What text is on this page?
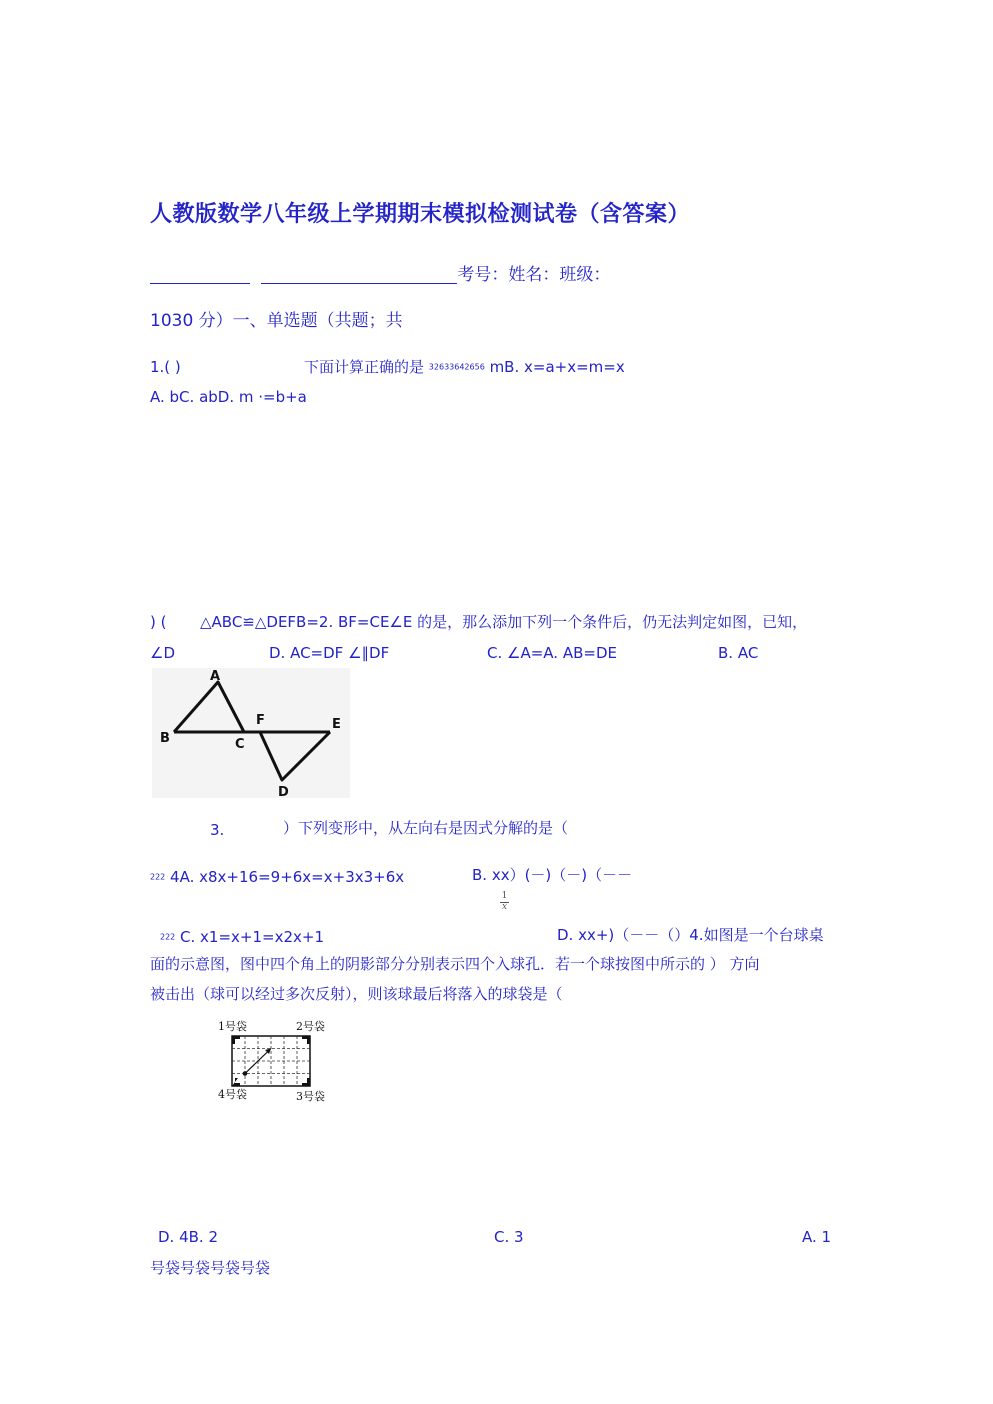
人教版数学八年级上学期期末模拟检测试卷（含答案）
考号：姓名：班级：
1030 分）一、单选题（共题；共
1.( )	下面计算正确的是 32633642656 mB. x=a+x=m=x
A. bC. abD. m ·=b+a
) ( △ABC≌△DEFB=2. BF=CE∠E 的是，那么添加下列一个条件后，仍无法判定如图，已知，
∠D	D. AC=DF ∠∥DF	C. ∠A=A. AB=DE	B. AC
A
B	C
D
E
F
3.	）下列变形中，从左向右是因式分解的是（
222 4A. x8x+16=9+6x=x+3x3+6x	B. xx）(－)（－)（－－
$\frac{1}{x}$
222 C. x1=x+1=x2x+1	D. xx+)（－－（）4.如图是一个台球桌
面的示意图，图中四个角上的阴影部分分别表示四个入球孔．若一个球按图中所示的 ） 方向
被击出（球可以经过多次反射），则该球最后将落入的球袋是（
1号袋	2号袋
4号袋	3号袋
D. 4B. 2	C. 3	A. 1
号袋号袋号袋号袋
